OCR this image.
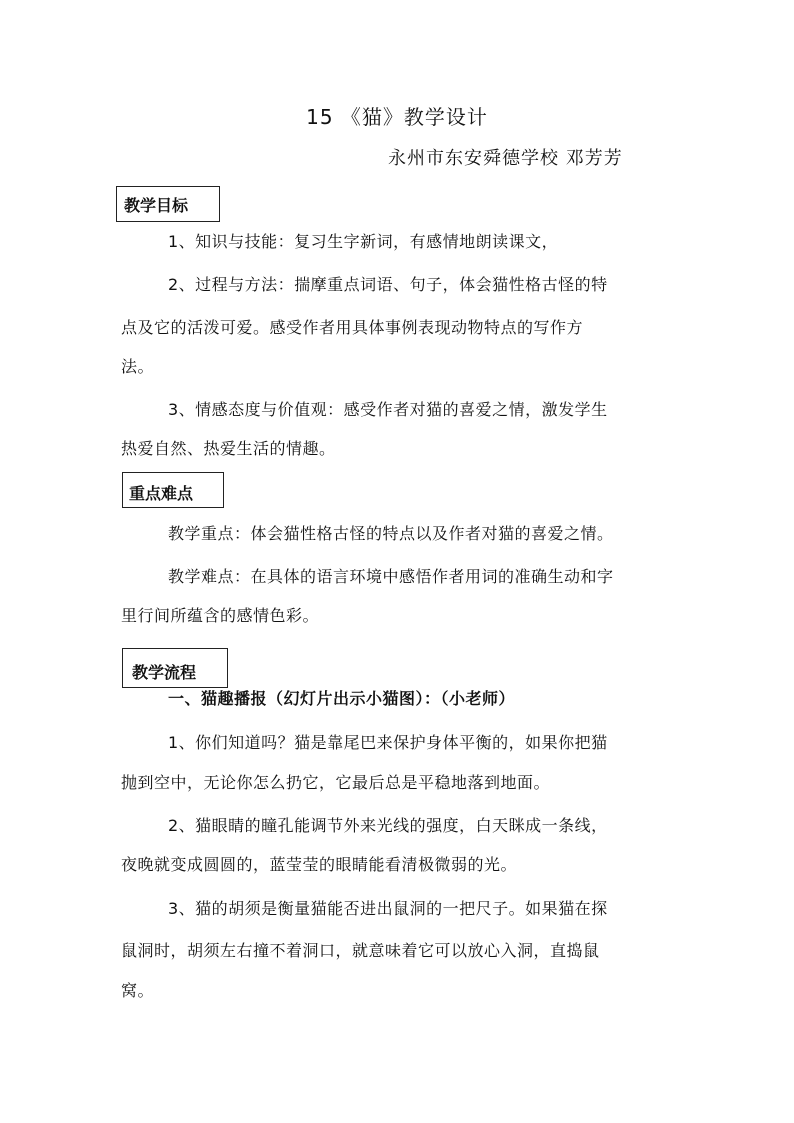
15 《猫》教学设计
永州市东安舜德学校 邓芳芳
教学目标
1、知识与技能：复习生字新词，有感情地朗读课文，
2、过程与方法：揣摩重点词语、句子，体会猫性格古怪的特
点及它的活泼可爱。感受作者用具体事例表现动物特点的写作方
法。
3、情感态度与价值观：感受作者对猫的喜爱之情，激发学生
热爱自然、热爱生活的情趣。
重点难点
教学重点：体会猫性格古怪的特点以及作者对猫的喜爱之情。
教学难点：在具体的语言环境中感悟作者用词的准确生动和字
里行间所蕴含的感情色彩。
教学流程
一、猫趣播报（幻灯片出示小猫图）：（小老师）
1、你们知道吗？猫是靠尾巴来保护身体平衡的，如果你把猫
抛到空中，无论你怎么扔它，它最后总是平稳地落到地面。
2、猫眼睛的瞳孔能调节外来光线的强度，白天眯成一条线，
夜晚就变成圆圆的，蓝莹莹的眼睛能看清极微弱的光。
3、猫的胡须是衡量猫能否进出鼠洞的一把尺子。如果猫在探
鼠洞时，胡须左右撞不着洞口，就意味着它可以放心入洞，直捣鼠
窝。
